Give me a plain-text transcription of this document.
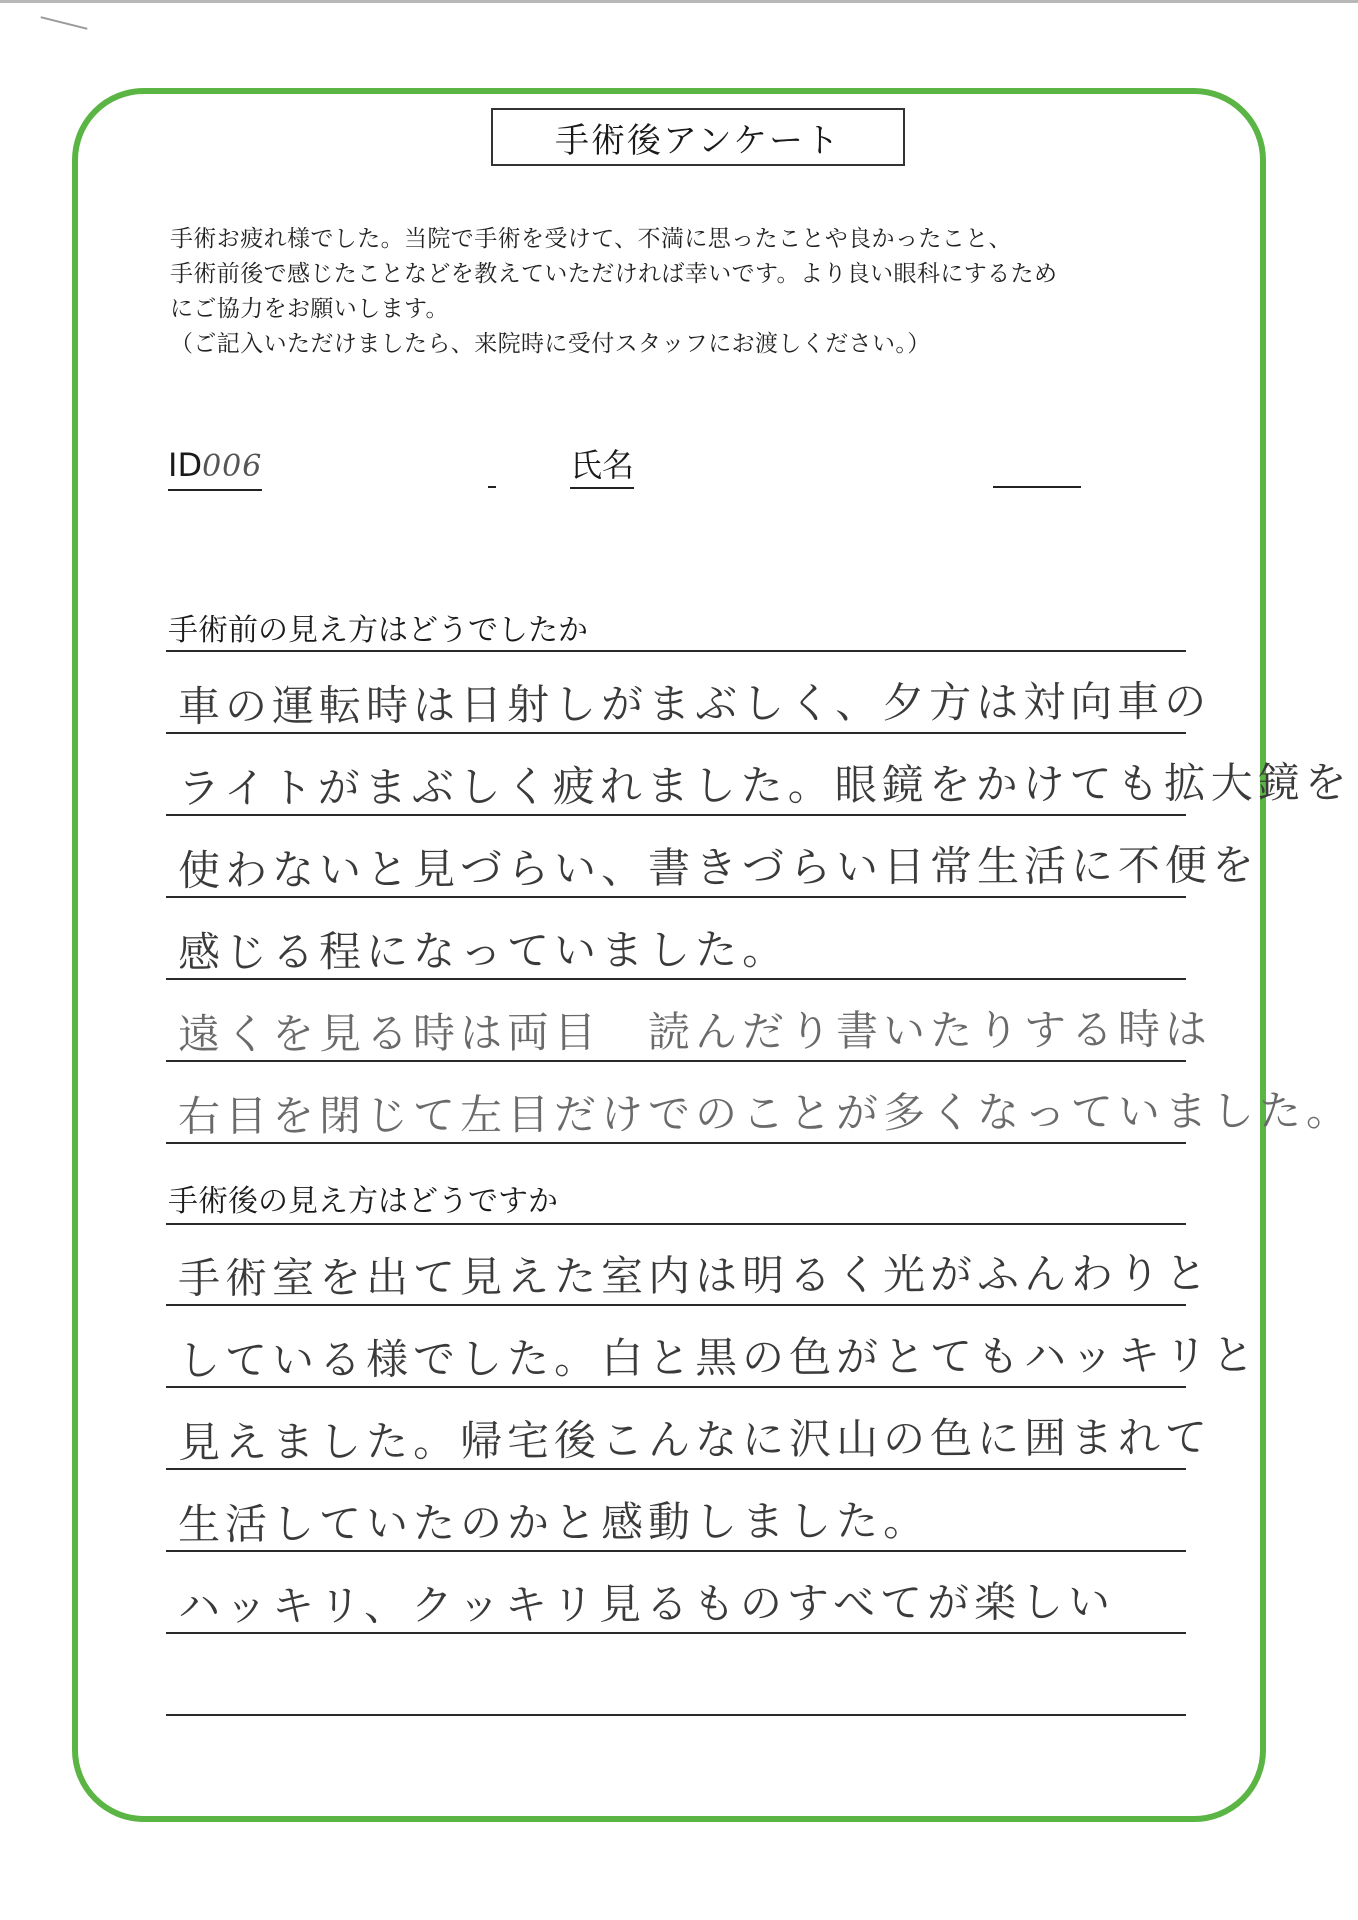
手術後アンケート

手術お疲れ様でした。当院で手術を受けて、不満に思ったことや良かったこと、

手術前後で感じたことなどを教えていただければ幸いです。より良い眼科にするため

にご協力をお願いします。

（ご記入いただけましたら、来院時に受付スタッフにお渡しください。）

ID006	氏名
手術前の見え方はどうでしたか
車の運転時は日射しがまぶしく、夕方は対向車の
ライトがまぶしく疲れました。眼鏡をかけても拡大鏡を
使わないと見づらい、書きづらい日常生活に不便を
感じる程になっていました。
遠くを見る時は両目　読んだり書いたりする時は
右目を閉じて左目だけでのことが多くなっていました。
手術後の見え方はどうですか
手術室を出て見えた室内は明るく光がふんわりと
している様でした。白と黒の色がとてもハッキリと
見えました。帰宅後こんなに沢山の色に囲まれて
生活していたのかと感動しました。
ハッキリ、クッキリ見るものすべてが楽しい
